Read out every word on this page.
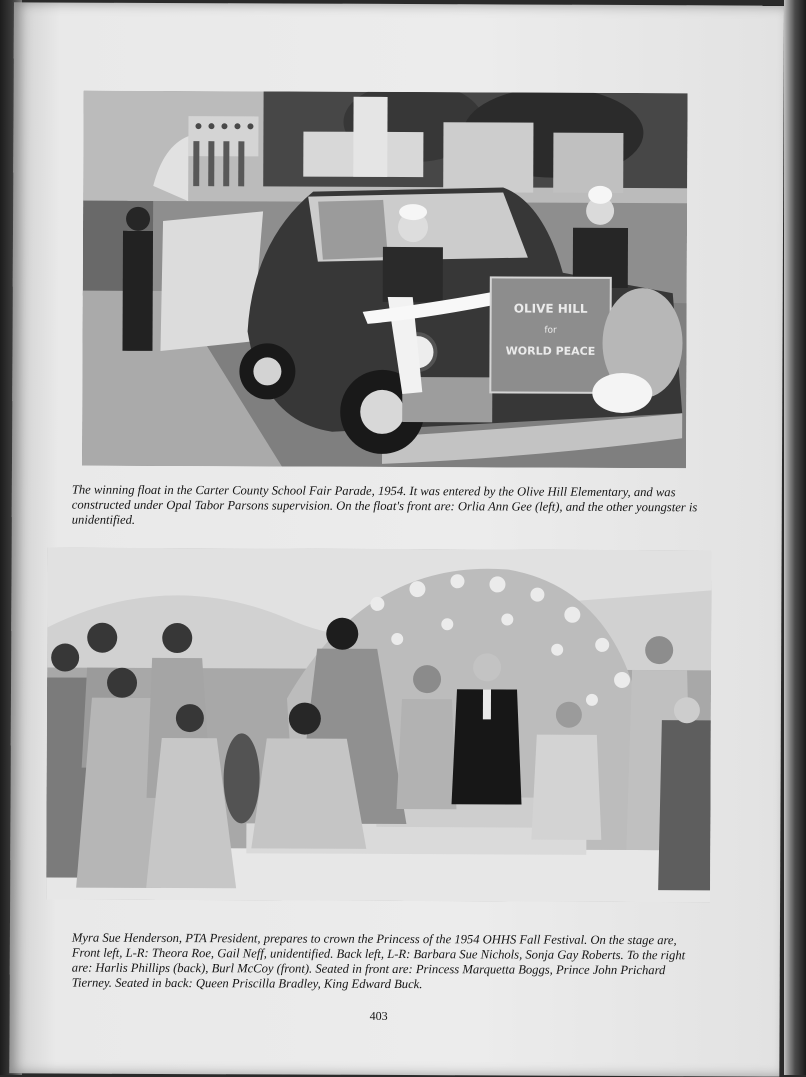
OLIVE HILL
for
WORLD PEACE
The winning float in the Carter County School Fair Parade, 1954. It was entered by the Olive Hill Elementary, and was constructed under Opal Tabor Parsons supervision. On the float's front are: Orlia Ann Gee (left), and the other youngster is unidentified.
Myra Sue Henderson, PTA President, prepares to crown the Princess of the 1954 OHHS Fall Festival. On the stage are, Front left, L-R: Theora Roe, Gail Neff, unidentified. Back left, L-R: Barbara Sue Nichols, Sonja Gay Roberts. To the right are: Harlis Phillips (back), Burl McCoy (front). Seated in front are: Princess Marquetta Boggs, Prince John Prichard Tierney. Seated in back: Queen Priscilla Bradley, King Edward Buck.
403
